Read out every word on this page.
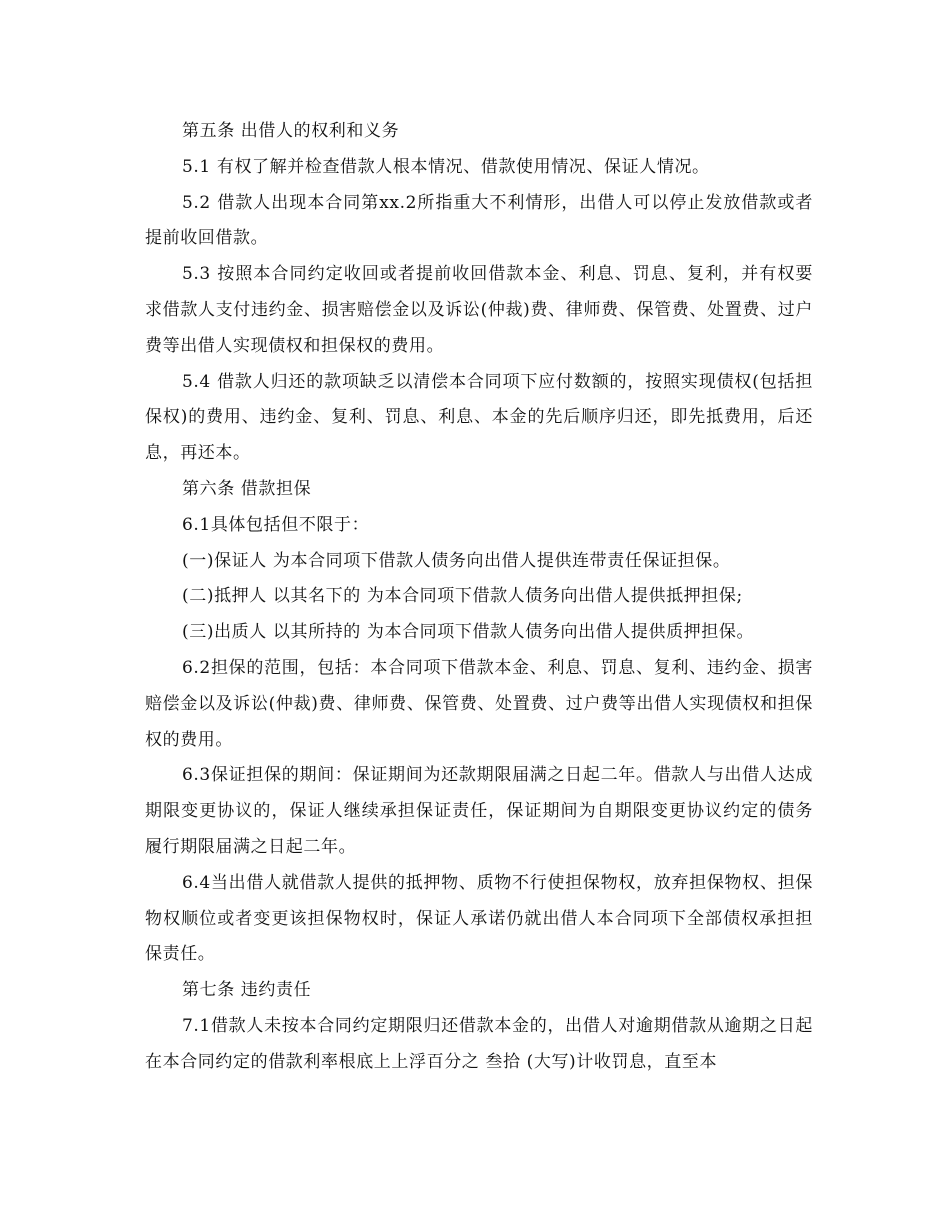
第五条 出借人的权利和义务

5.1 有权了解并检查借款人根本情况、借款使用情况、保证人情况。

5.2 借款人出现本合同第xx.2所指重大不利情形，出借人可以停止发放借款或者提前收回借款。

5.3 按照本合同约定收回或者提前收回借款本金、利息、罚息、复利，并有权要求借款人支付违约金、损害赔偿金以及诉讼(仲裁)费、律师费、保管费、处置费、过户费等出借人实现债权和担保权的费用。

5.4 借款人归还的款项缺乏以清偿本合同项下应付数额的，按照实现债权(包括担保权)的费用、违约金、复利、罚息、利息、本金的先后顺序归还，即先抵费用，后还息，再还本。

第六条 借款担保

6.1具体包括但不限于：

(一)保证人 为本合同项下借款人债务向出借人提供连带责任保证担保。

(二)抵押人 以其名下的 为本合同项下借款人债务向出借人提供抵押担保;

(三)出质人 以其所持的 为本合同项下借款人债务向出借人提供质押担保。

6.2担保的范围，包括：本合同项下借款本金、利息、罚息、复利、违约金、损害赔偿金以及诉讼(仲裁)费、律师费、保管费、处置费、过户费等出借人实现债权和担保权的费用。

6.3保证担保的期间：保证期间为还款期限届满之日起二年。借款人与出借人达成期限变更协议的，保证人继续承担保证责任，保证期间为自期限变更协议约定的债务履行期限届满之日起二年。

6.4当出借人就借款人提供的抵押物、质物不行使担保物权，放弃担保物权、担保物权顺位或者变更该担保物权时，保证人承诺仍就出借人本合同项下全部债权承担担保责任。

第七条 违约责任

7.1借款人未按本合同约定期限归还借款本金的，出借人对逾期借款从逾期之日起在本合同约定的借款利率根底上上浮百分之 叁拾 (大写)计收罚息，直至本
